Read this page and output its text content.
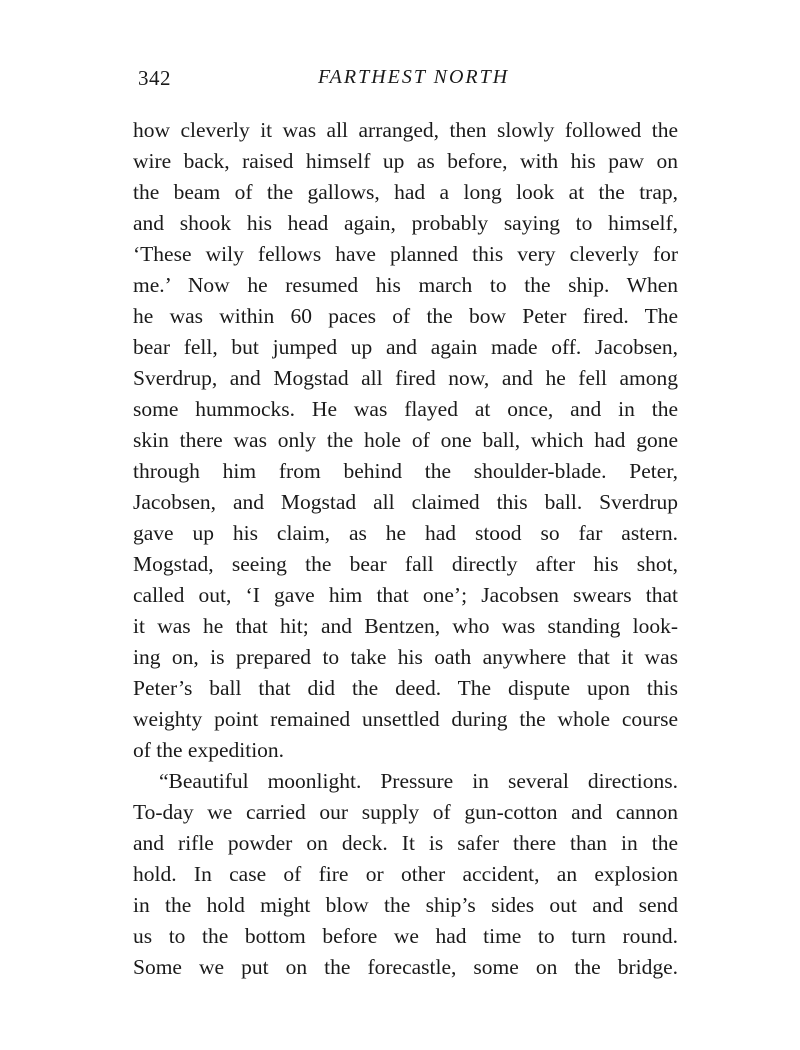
342	FARTHEST NORTH
how cleverly it was all arranged, then slowly followed the
wire back, raised himself up as before, with his paw on
the beam of the gallows, had a long look at the trap,
and shook his head again, probably saying to himself,
‘These wily fellows have planned this very cleverly for
me.’ Now he resumed his march to the ship. When
he was within 60 paces of the bow Peter fired. The
bear fell, but jumped up and again made off. Jacobsen,
Sverdrup, and Mogstad all fired now, and he fell among
some hummocks. He was flayed at once, and in the
skin there was only the hole of one ball, which had gone
through him from behind the shoulder-blade. Peter,
Jacobsen, and Mogstad all claimed this ball. Sverdrup
gave up his claim, as he had stood so far astern.
Mogstad, seeing the bear fall directly after his shot,
called out, ‘I gave him that one’; Jacobsen swears that
it was he that hit; and Bentzen, who was standing look-
ing on, is prepared to take his oath anywhere that it was
Peter’s ball that did the deed. The dispute upon this
weighty point remained unsettled during the whole course
of the expedition.
“Beautiful moonlight. Pressure in several directions.
To-day we carried our supply of gun-cotton and cannon
and rifle powder on deck. It is safer there than in the
hold. In case of fire or other accident, an explosion
in the hold might blow the ship’s sides out and send
us to the bottom before we had time to turn round.
Some we put on the forecastle, some on the bridge.
